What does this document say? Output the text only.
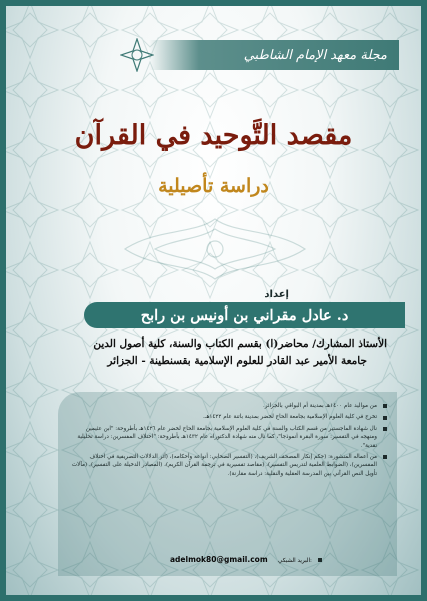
مجلة معهد الإمام الشاطبي
مقصد التَّوحيد في القرآن
دراسة تأصيلية
إعداد
د. عادل مقراني بن أونيس بن رابح
الأستاذ المشارك/ محاضر(ا) بقسم الكتاب والسنة، كلية أصول الدين
جامعة الأمير عبد القادر للعلوم الإسلامية بقسنطينة - الجزائر
من مواليد عام ١٤٠٠هـ بمدينة أم البواقي بالجزائر.
تخرج في كلية العلوم الإسلامية بجامعة الحاج لخضر بمدينة باتنة عام ١٤٢٢هـ.
نال شهادة الماجستير من قسم الكتاب والسنة في كلية العلوم الإسلامية بجامعة الحاج لخضر عام ١٤٢٦هـ بأطروحة: "ابن عثيمين ومنهجه في التفسير: سورة البقرة أنموذجا"، كما نال منه شهادة الدكتوراه عام ١٤٣٢هـ بأطروحة: "اختلاف المفسرين: دراسة تحليلية نقدية".
من أعماله المنشورة: (حكم إنكار المصحف الشريف)، (التفسير الصحابي: أنواعه وأحكامه)، (أثر الدلالات التصريفية في اختلاف المفسرين)، (الضوابط العلمية لتدريس التفسير)، (مقاصد تفسيرية في ترجمة القرآن الكريم)، (المصادر الدخيلة على التفسير)، (مآلات تأويل النص القرآني بين المدرسة العقلية والنقلية: دراسة مقارنة).
adelmok80@gmail.com البريد الشبكي:
